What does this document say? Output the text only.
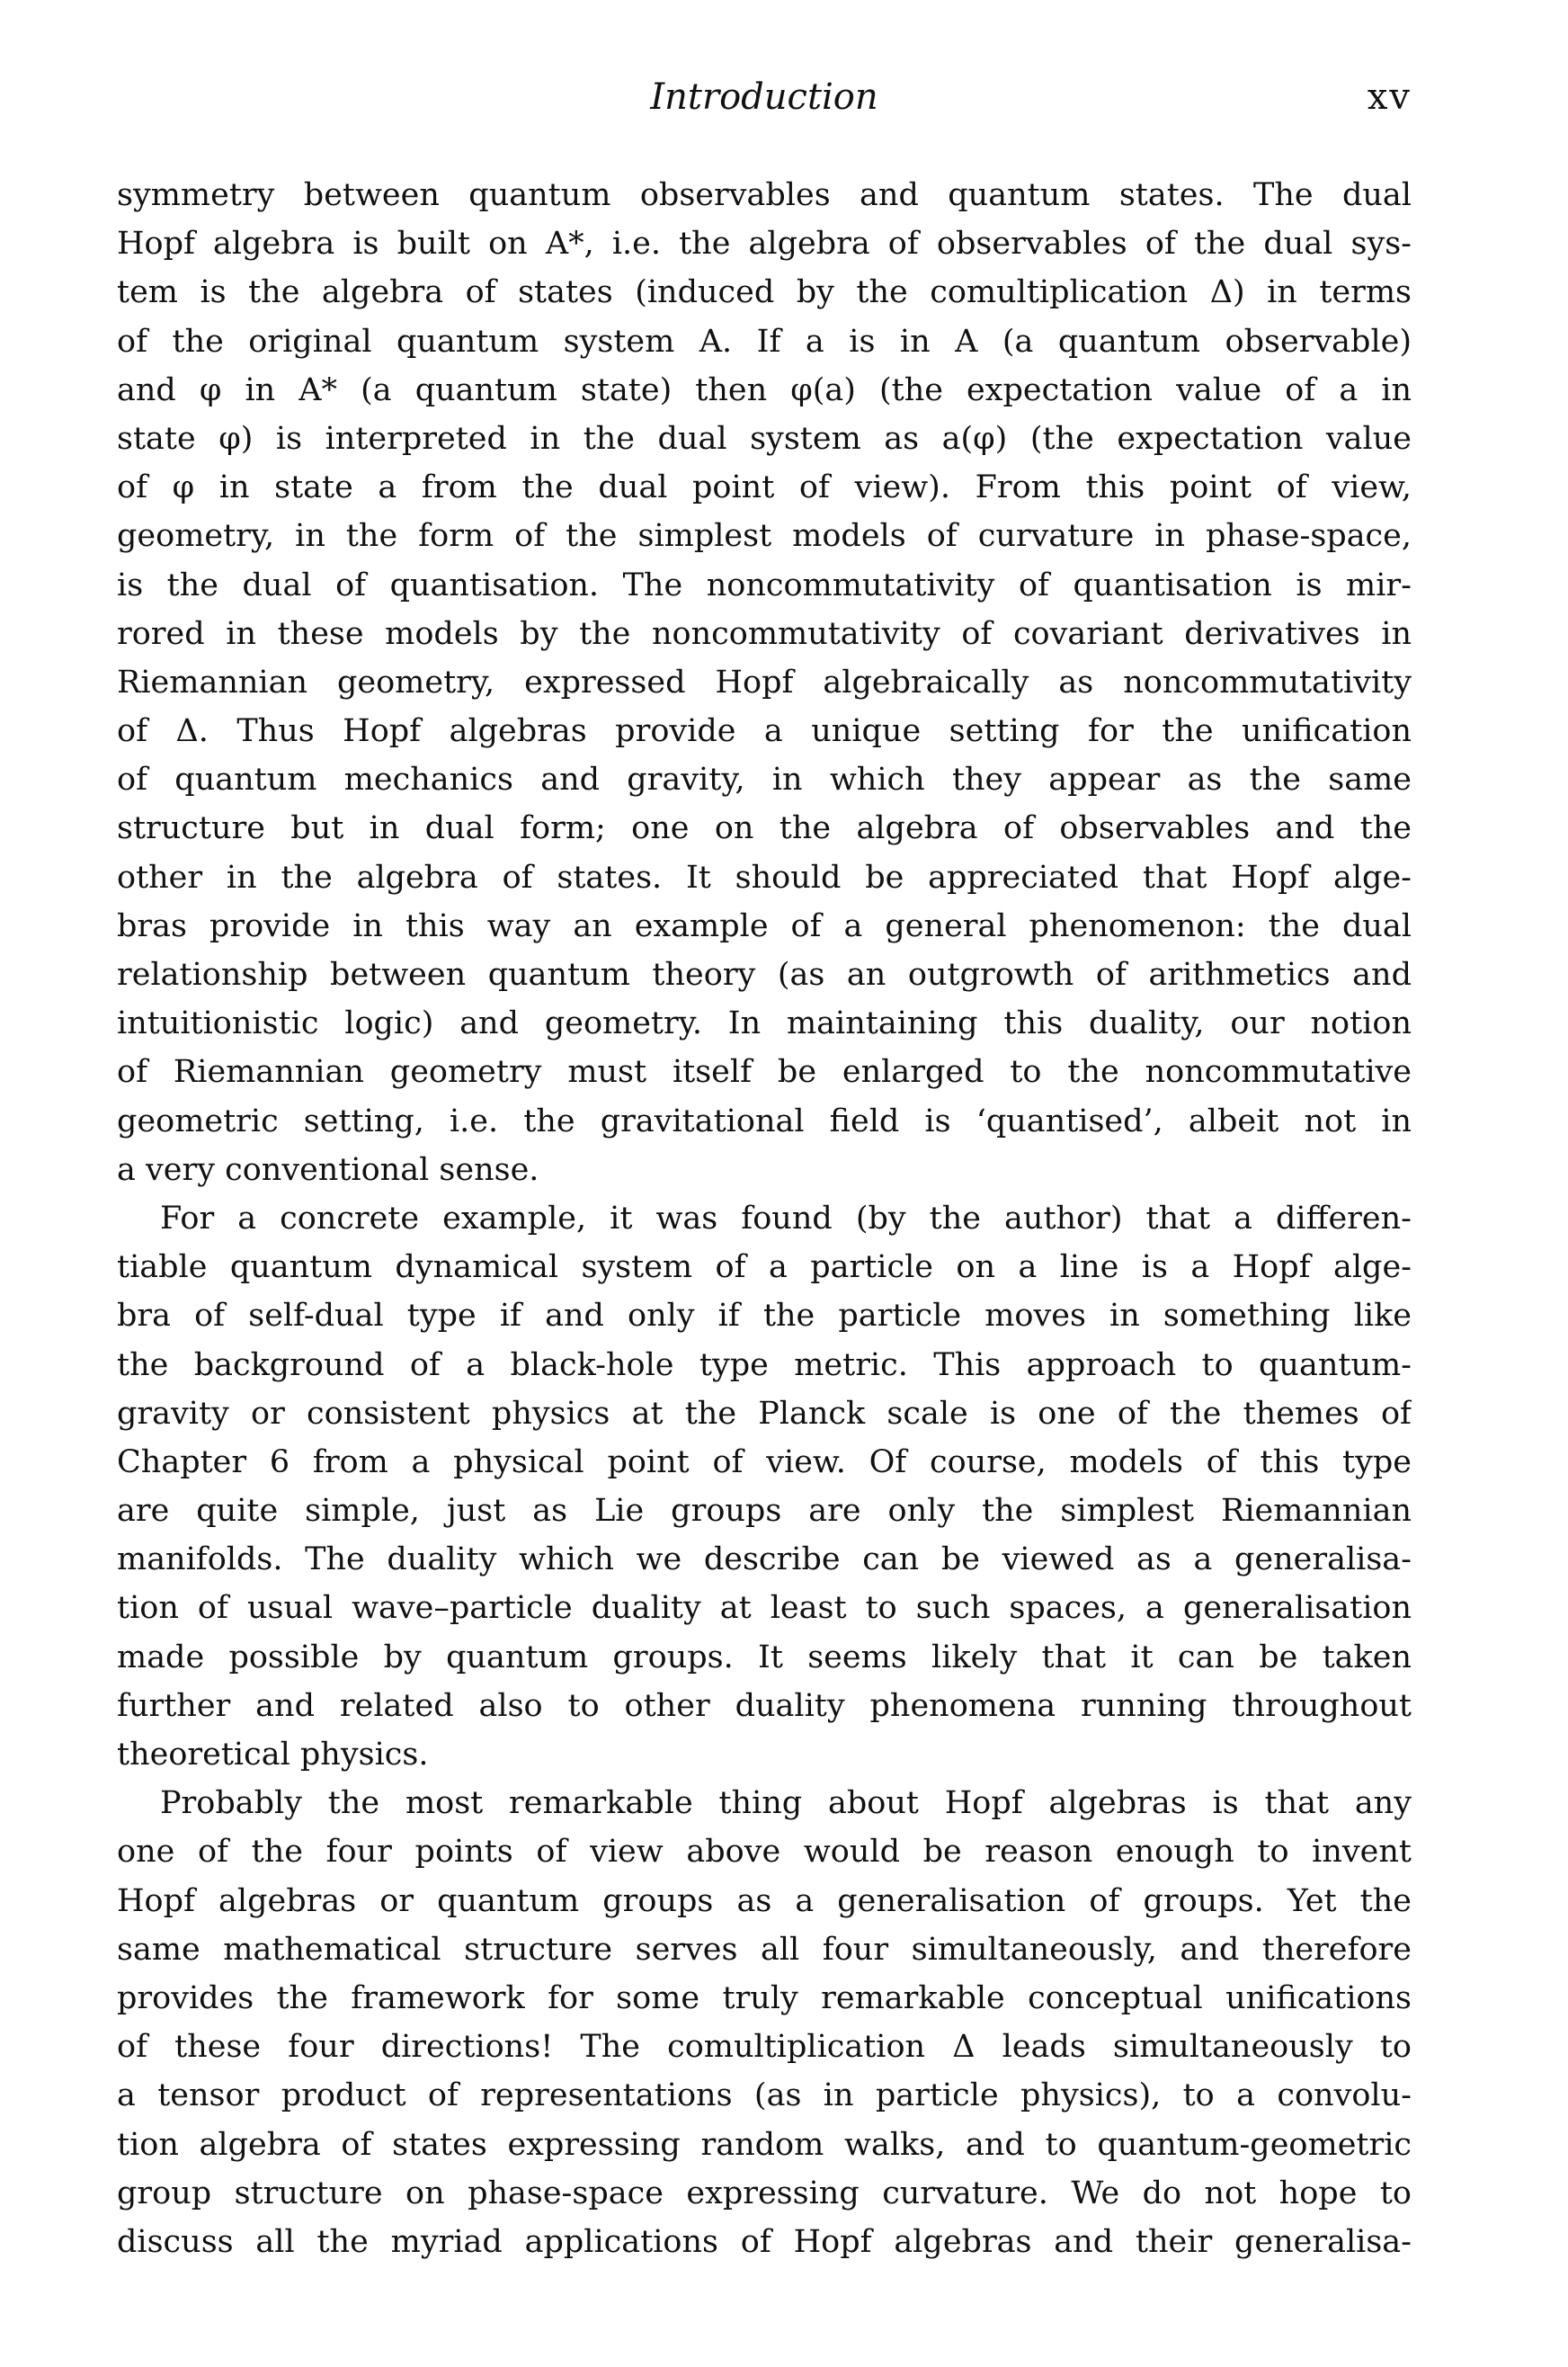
Introduction	xv
symmetry between quantum observables and quantum states. The dual
Hopf algebra is built on A*, i.e. the algebra of observables of the dual sys-
tem is the algebra of states (induced by the comultiplication Δ) in terms
of the original quantum system A. If a is in A (a quantum observable)
and φ in A* (a quantum state) then φ(a) (the expectation value of a in
state φ) is interpreted in the dual system as a(φ) (the expectation value
of φ in state a from the dual point of view). From this point of view,
geometry, in the form of the simplest models of curvature in phase-space,
is the dual of quantisation. The noncommutativity of quantisation is mir-
rored in these models by the noncommutativity of covariant derivatives in
Riemannian geometry, expressed Hopf algebraically as noncommutativity
of Δ. Thus Hopf algebras provide a unique setting for the unification
of quantum mechanics and gravity, in which they appear as the same
structure but in dual form; one on the algebra of observables and the
other in the algebra of states. It should be appreciated that Hopf alge-
bras provide in this way an example of a general phenomenon: the dual
relationship between quantum theory (as an outgrowth of arithmetics and
intuitionistic logic) and geometry. In maintaining this duality, our notion
of Riemannian geometry must itself be enlarged to the noncommutative
geometric setting, i.e. the gravitational field is ‘quantised’, albeit not in
a very conventional sense.
For a concrete example, it was found (by the author) that a differen-
tiable quantum dynamical system of a particle on a line is a Hopf alge-
bra of self-dual type if and only if the particle moves in something like
the background of a black-hole type metric. This approach to quantum-
gravity or consistent physics at the Planck scale is one of the themes of
Chapter 6 from a physical point of view. Of course, models of this type
are quite simple, just as Lie groups are only the simplest Riemannian
manifolds. The duality which we describe can be viewed as a generalisa-
tion of usual wave–particle duality at least to such spaces, a generalisation
made possible by quantum groups. It seems likely that it can be taken
further and related also to other duality phenomena running throughout
theoretical physics.
Probably the most remarkable thing about Hopf algebras is that any
one of the four points of view above would be reason enough to invent
Hopf algebras or quantum groups as a generalisation of groups. Yet the
same mathematical structure serves all four simultaneously, and therefore
provides the framework for some truly remarkable conceptual unifications
of these four directions! The comultiplication Δ leads simultaneously to
a tensor product of representations (as in particle physics), to a convolu-
tion algebra of states expressing random walks, and to quantum-geometric
group structure on phase-space expressing curvature. We do not hope to
discuss all the myriad applications of Hopf algebras and their generalisa-
